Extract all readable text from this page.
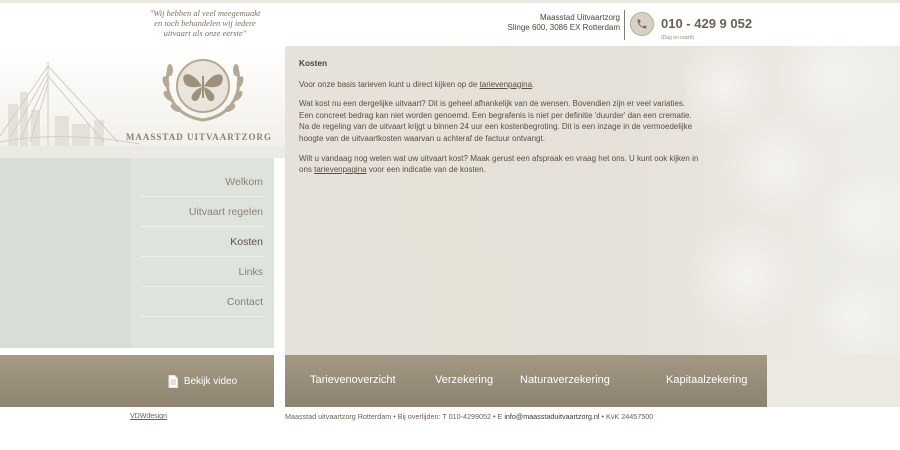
"Wij hebben al veel meegemaakt
en toch behandelen wij iedere
uitvaart als onze eerste"
Maasstad Uitvaartzorg
Slinge 600, 3086 EX Rotterdam	010 - 429 9 052
(Dag en nacht)
MAASSTAD UITVAARTZORG
Welkom
Uitvaart regelen
Kosten
Links
Contact
Kosten

Voor onze basis tarieven kunt u direct kijken op de tarievenpagina.

Wat kost nu een dergelijke uitvaart? Dit is geheel afhankelijk van de wensen. Bovendien zijn er veel variaties.
Een concreet bedrag kan niet worden genoemd. Een begrafenis is niet per definitie 'duurder' dan een crematie.
Na de regeling van de uitvaart krijgt u binnen 24 uur een kostenbegroting. Dit is een inzage in de vermoedelijke
hoogte van de uitvaartkosten waarvan u achteraf de factuur ontvangt.

Wilt u vandaag nog weten wat uw uitvaart kost? Maak gerust een afspraak en vraag het ons. U kunt ook kijken in
ons tarievenpagina voor een indicatie van de kosten.

Bekijk video	Tarievenoverzicht	Verzekering Naturaverzekering	Kapitaalzekering
VDWdesign	Maasstad uitvaartzorg Rotterdam • Bij overlijden: T 010-4299052 • E info@maasstaduitvaartzorg.nl • KvK 24457500
